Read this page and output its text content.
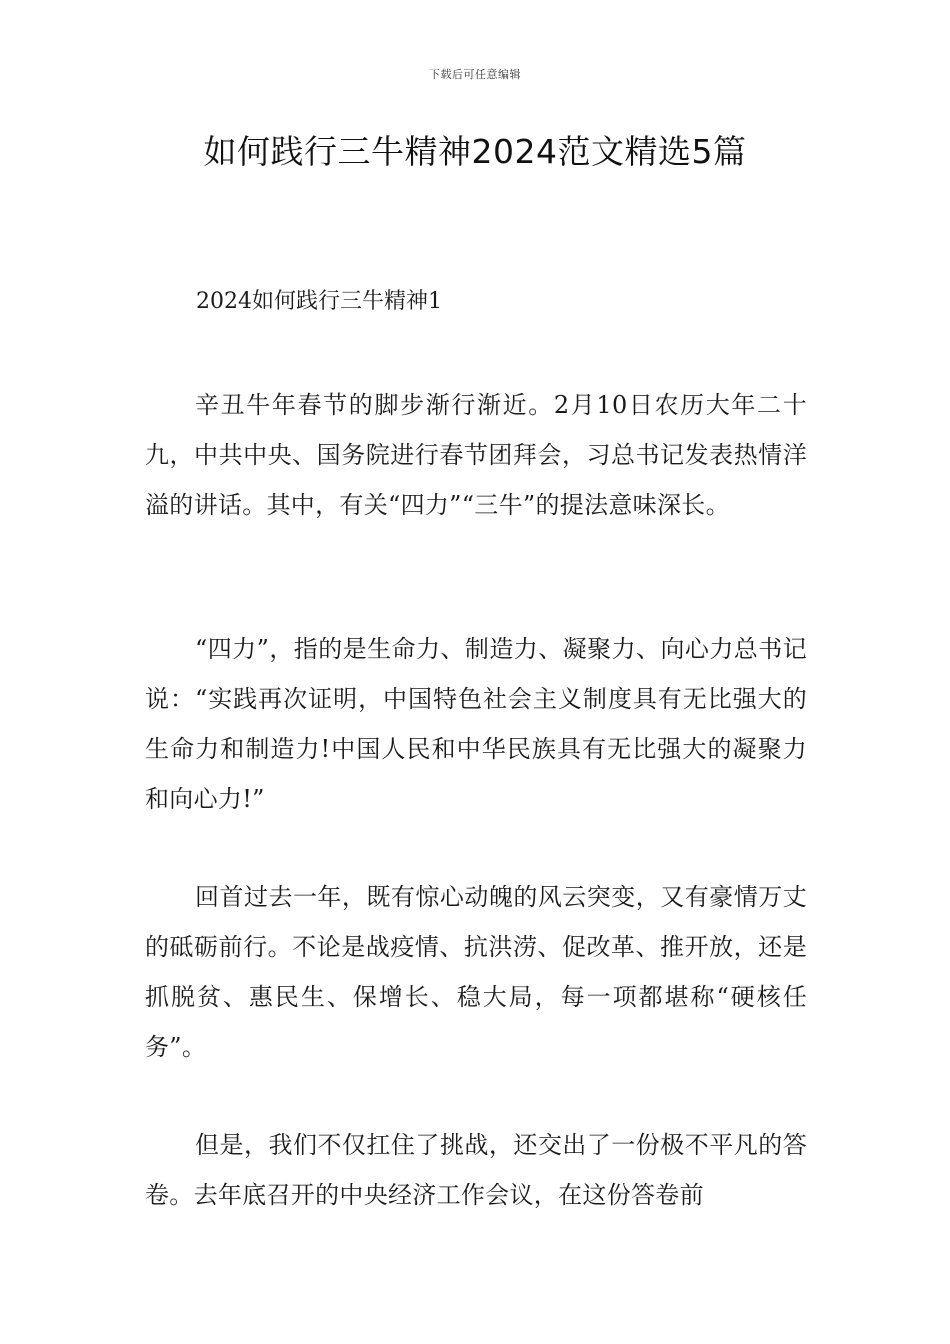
下载后可任意编辑
如何践行三牛精神2024范文精选5篇
2024如何践行三牛精神1

辛丑牛年春节的脚步渐行渐近。2月10日农历大年二十九，中共中央、国务院进行春节团拜会，习总书记发表热情洋溢的讲话。其中，有关“四力”“三牛”的提法意味深长。

“四力”，指的是生命力、制造力、凝聚力、向心力总书记说：“实践再次证明，中国特色社会主义制度具有无比强大的生命力和制造力!中国人民和中华民族具有无比强大的凝聚力和向心力!”

回首过去一年，既有惊心动魄的风云突变，又有豪情万丈的砥砺前行。不论是战疫情、抗洪涝、促改革、推开放，还是抓脱贫、惠民生、保增长、稳大局，每一项都堪称“硬核任务”。

但是，我们不仅扛住了挑战，还交出了一份极不平凡的答卷。去年底召开的中央经济工作会议，在这份答卷前
